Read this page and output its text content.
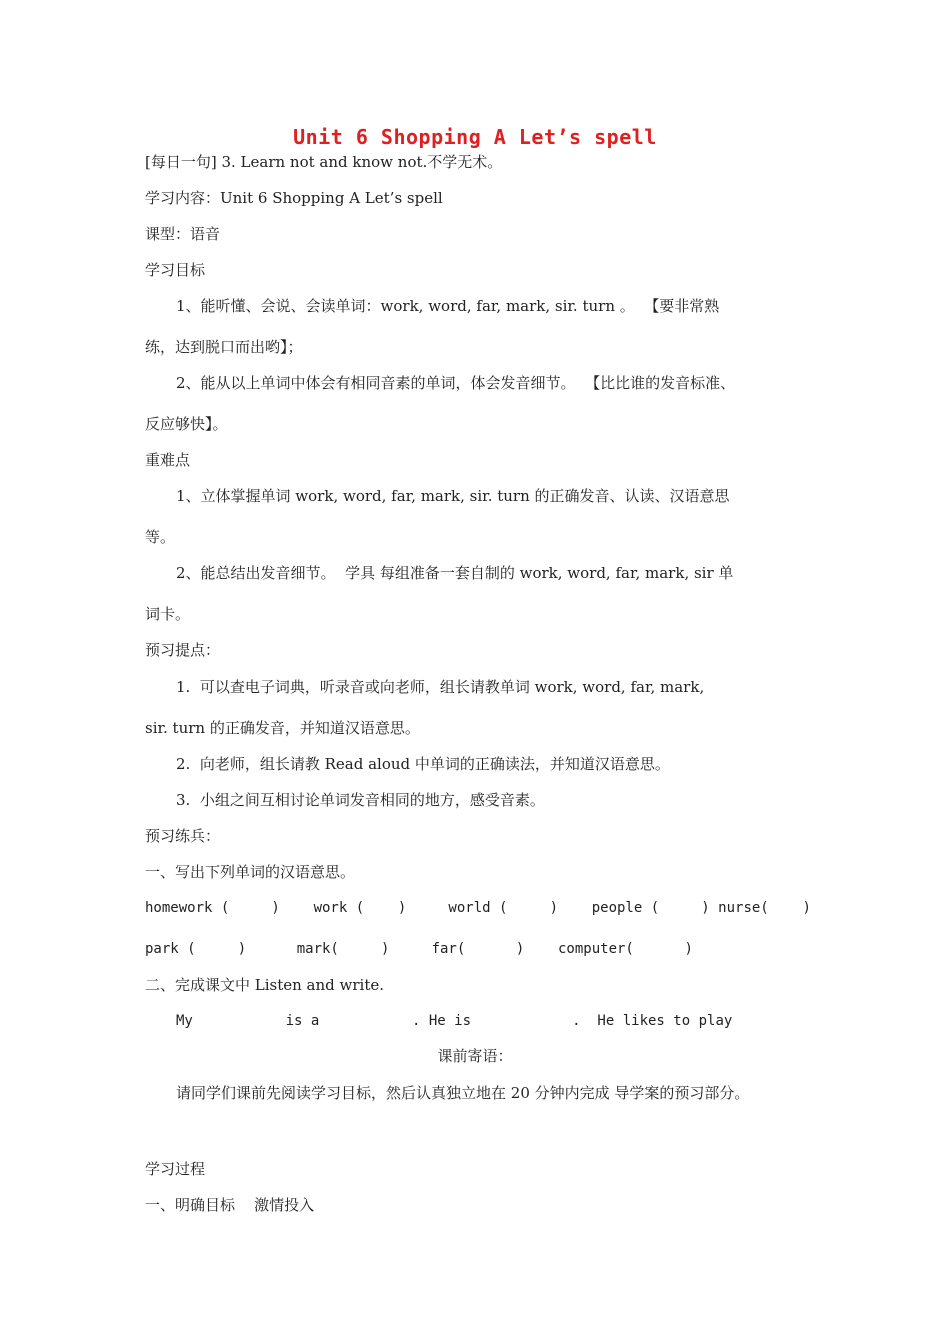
Unit 6 Shopping A Let’s spell
[每日一句] 3. Learn not and know not.不学无术。
学习内容：Unit 6 Shopping A Let’s spell
课型：语音
学习目标
1、能听懂、会说、会读单词：work, word, far, mark, sir. turn 。  【要非常熟
练，达到脱口而出哟】；
2、能从以上单词中体会有相同音素的单词，体会发音细节。  【比比谁的发音标准、
反应够快】。
重难点
1、立体掌握单词 work, word, far, mark, sir. turn 的正确发音、认读、汉语意思
等。
2、能总结出发音细节。  学具 每组准备一套自制的 work, word, far, mark, sir 单
词卡。
预习提点：
1.  可以查电子词典，听录音或向老师，组长请教单词 work, word, far, mark,
sir. turn 的正确发音，并知道汉语意思。
2.  向老师，组长请教 Read aloud 中单词的正确读法，并知道汉语意思。
3.  小组之间互相讨论单词发音相同的地方，感受音素。
预习练兵：
一、写出下列单词的汉语意思。
homework (     )    work (    )     world (     )    people (     ) nurse(    )
park (     )      mark(     )     far(      )    computer(      )
二、完成课文中 Listen and write.
My           is a           . He is            .  He likes to play
课前寄语：
请同学们课前先阅读学习目标，然后认真独立地在 20 分钟内完成 导学案的预习部分。
学习过程
一、明确目标    激情投入
